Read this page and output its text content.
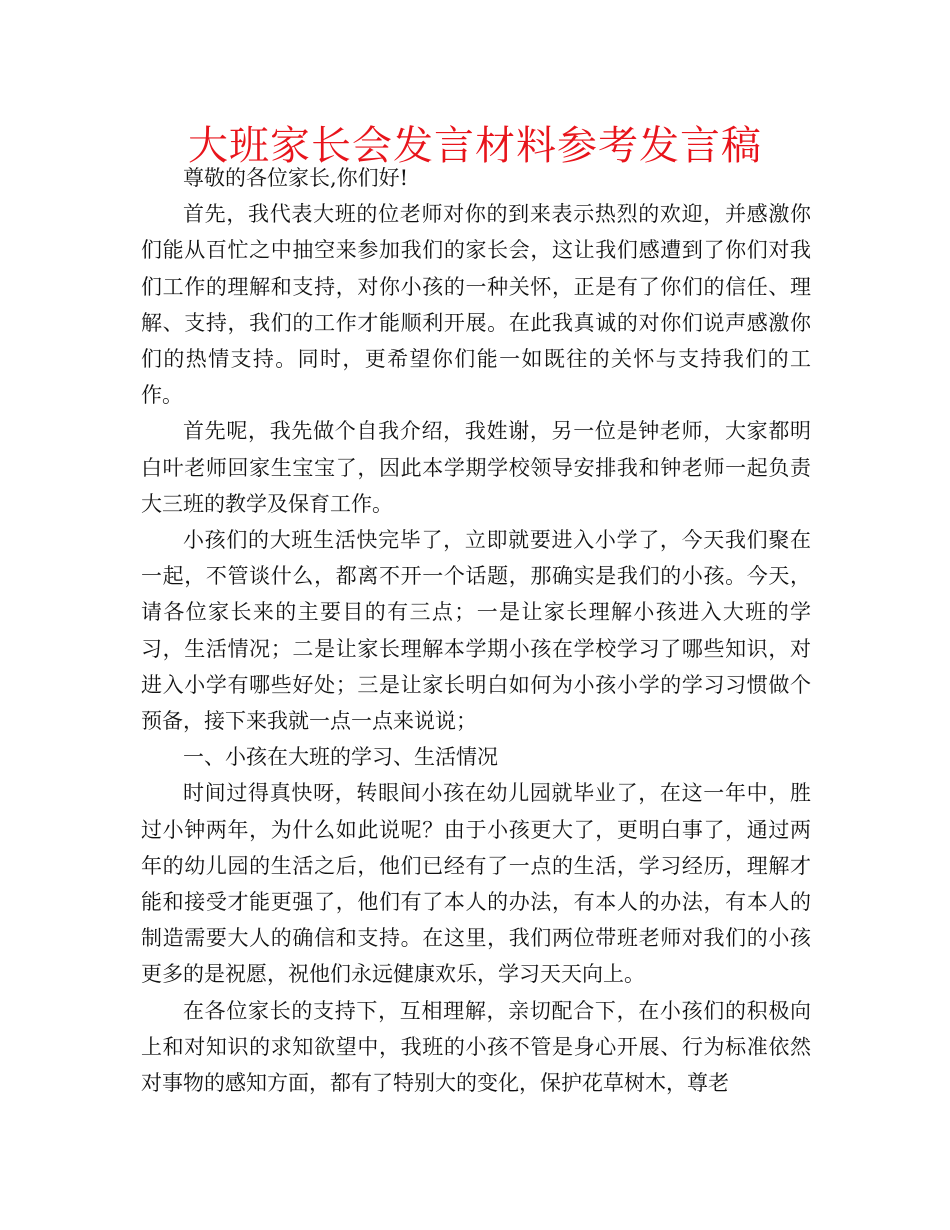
大班家长会发言材料参考发言稿

尊敬的各位家长,你们好!

首先，我代表大班的位老师对你的到来表示热烈的欢迎，并感激你们能从百忙之中抽空来参加我们的家长会，这让我们感遭到了你们对我们工作的理解和支持，对你小孩的一种关怀，正是有了你们的信任、理解、支持，我们的工作才能顺利开展。在此我真诚的对你们说声感激你们的热情支持。同时，更希望你们能一如既往的关怀与支持我们的工作。

首先呢，我先做个自我介绍，我姓谢，另一位是钟老师，大家都明白叶老师回家生宝宝了，因此本学期学校领导安排我和钟老师一起负责大三班的教学及保育工作。

小孩们的大班生活快完毕了，立即就要进入小学了，今天我们聚在一起，不管谈什么，都离不开一个话题，那确实是我们的小孩。今天，请各位家长来的主要目的有三点；一是让家长理解小孩进入大班的学习，生活情况；二是让家长理解本学期小孩在学校学习了哪些知识，对进入小学有哪些好处；三是让家长明白如何为小孩小学的学习习惯做个预备，接下来我就一点一点来说说；

一、小孩在大班的学习、生活情况

时间过得真快呀，转眼间小孩在幼儿园就毕业了，在这一年中，胜过小钟两年，为什么如此说呢？由于小孩更大了，更明白事了，通过两年的幼儿园的生活之后，他们已经有了一点的生活，学习经历，理解才能和接受才能更强了，他们有了本人的办法，有本人的办法，有本人的制造需要大人的确信和支持。在这里，我们两位带班老师对我们的小孩更多的是祝愿，祝他们永远健康欢乐，学习天天向上。

在各位家长的支持下，互相理解，亲切配合下，在小孩们的积极向上和对知识的求知欲望中，我班的小孩不管是身心开展、行为标准依然对事物的感知方面，都有了特别大的变化，保护花草树木，尊老
